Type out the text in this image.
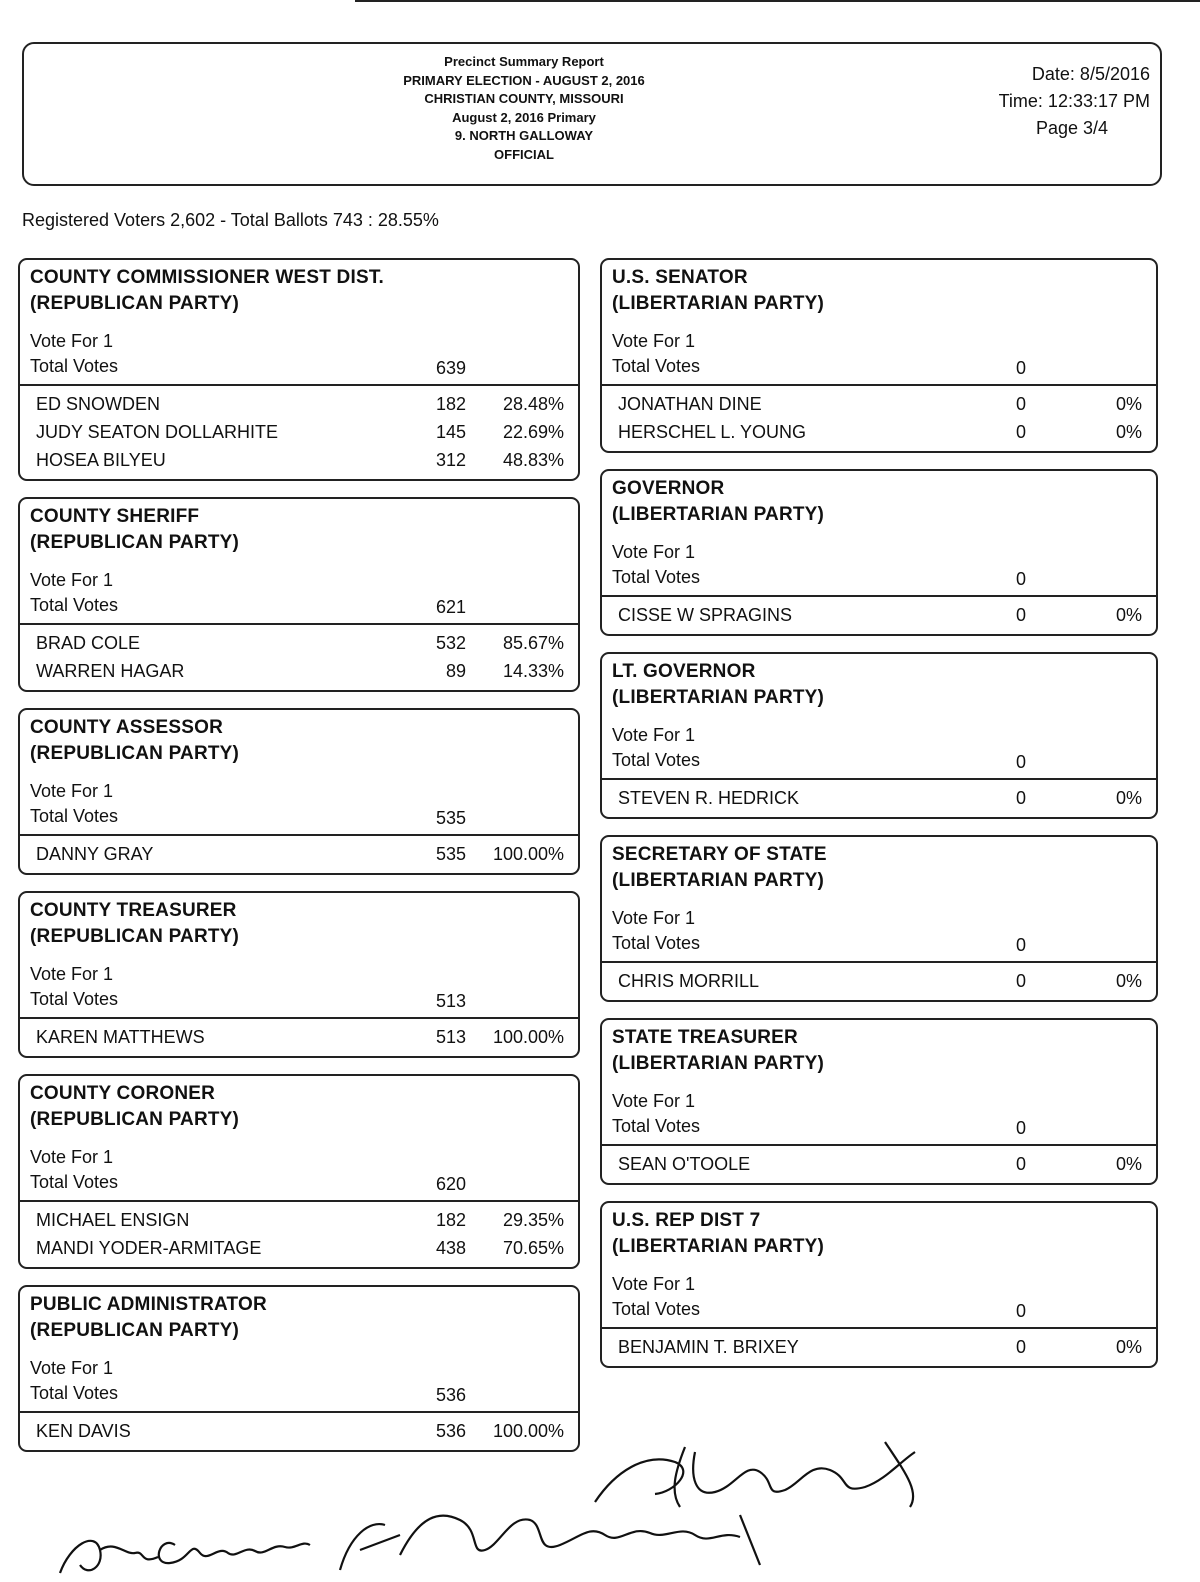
Precinct Summary Report
PRIMARY ELECTION - AUGUST 2, 2016
CHRISTIAN COUNTY, MISSOURI
August 2, 2016 Primary
9. NORTH GALLOWAY
OFFICIAL
Date: 8/5/2016
Time: 12:33:17 PM
Page 3/4
Registered Voters 2,602 - Total Ballots 743 : 28.55%
COUNTY COMMISSIONER WEST DIST.
(REPUBLICAN PARTY)
Vote For 1
Total Votes	639
ED SNOWDEN	182	28.48%
JUDY SEATON DOLLARHITE	145	22.69%
HOSEA BILYEU	312	48.83%
COUNTY SHERIFF
(REPUBLICAN PARTY)
Vote For 1
Total Votes	621
BRAD COLE	532	85.67%
WARREN HAGAR	89	14.33%
COUNTY ASSESSOR
(REPUBLICAN PARTY)
Vote For 1
Total Votes	535
DANNY GRAY	535	100.00%
COUNTY TREASURER
(REPUBLICAN PARTY)
Vote For 1
Total Votes	513
KAREN MATTHEWS	513	100.00%
COUNTY CORONER
(REPUBLICAN PARTY)
Vote For 1
Total Votes	620
MICHAEL ENSIGN	182	29.35%
MANDI YODER-ARMITAGE	438	70.65%
PUBLIC ADMINISTRATOR
(REPUBLICAN PARTY)
Vote For 1
Total Votes	536
KEN DAVIS	536	100.00%
U.S. SENATOR
(LIBERTARIAN PARTY)
Vote For 1
Total Votes	0
JONATHAN DINE	0	0%
HERSCHEL L. YOUNG	0	0%
GOVERNOR
(LIBERTARIAN PARTY)
Vote For 1
Total Votes	0
CISSE W SPRAGINS	0	0%
LT. GOVERNOR
(LIBERTARIAN PARTY)
Vote For 1
Total Votes	0
STEVEN R. HEDRICK	0	0%
SECRETARY OF STATE
(LIBERTARIAN PARTY)
Vote For 1
Total Votes	0
CHRIS MORRILL	0	0%
STATE TREASURER
(LIBERTARIAN PARTY)
Vote For 1
Total Votes	0
SEAN O'TOOLE	0	0%
U.S. REP DIST 7
(LIBERTARIAN PARTY)
Vote For 1
Total Votes	0
BENJAMIN T. BRIXEY	0	0%
